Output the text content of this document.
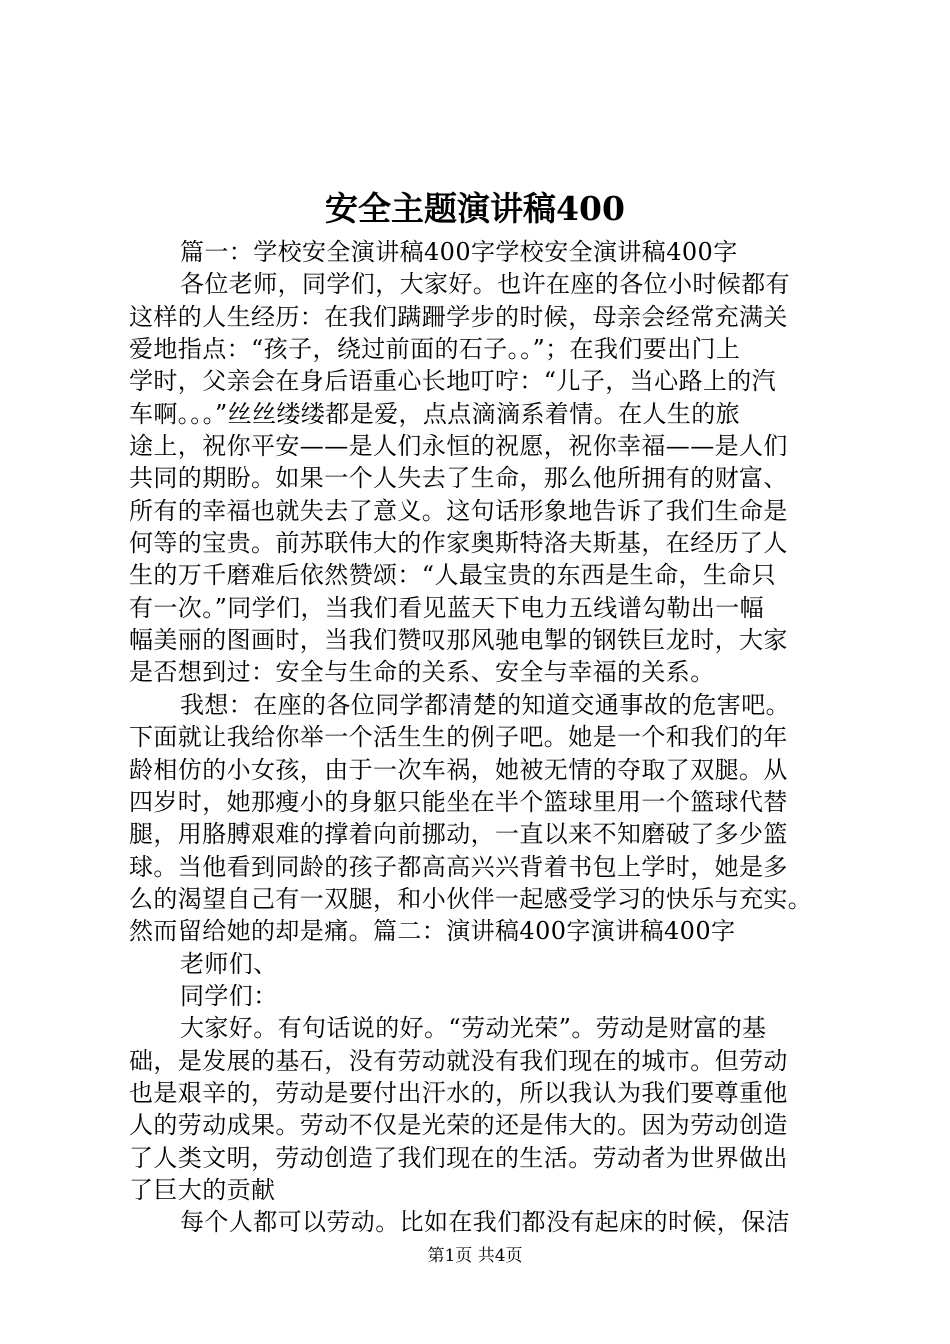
安全主题演讲稿400
篇一：学校安全演讲稿400字学校安全演讲稿400字
各位老师，同学们，大家好。也许在座的各位小时候都有
这样的人生经历：在我们蹒跚学步的时候，母亲会经常充满关
爱地指点：“孩子，绕过前面的石子。。”；在我们要出门上
学时，父亲会在身后语重心长地叮咛：“儿子，当心路上的汽
车啊。。。”丝丝缕缕都是爱，点点滴滴系着情。在人生的旅
途上，祝你平安——是人们永恒的祝愿，祝你幸福——是人们
共同的期盼。如果一个人失去了生命，那么他所拥有的财富、
所有的幸福也就失去了意义。这句话形象地告诉了我们生命是
何等的宝贵。前苏联伟大的作家奥斯特洛夫斯基，在经历了人
生的万千磨难后依然赞颂：“人最宝贵的东西是生命，生命只
有一次。”同学们，当我们看见蓝天下电力五线谱勾勒出一幅
幅美丽的图画时，当我们赞叹那风驰电掣的钢铁巨龙时，大家
是否想到过：安全与生命的关系、安全与幸福的关系。
我想：在座的各位同学都清楚的知道交通事故的危害吧。
下面就让我给你举一个活生生的例子吧。她是一个和我们的年
龄相仿的小女孩，由于一次车祸，她被无情的夺取了双腿。从
四岁时，她那瘦小的身躯只能坐在半个篮球里用一个篮球代替
腿，用胳膊艰难的撑着向前挪动，一直以来不知磨破了多少篮
球。当他看到同龄的孩子都高高兴兴背着书包上学时，她是多
么的渴望自己有一双腿，和小伙伴一起感受学习的快乐与充实。
然而留给她的却是痛。篇二：演讲稿400字演讲稿400字
老师们、
同学们：
大家好。有句话说的好。“劳动光荣”。劳动是财富的基
础，是发展的基石，没有劳动就没有我们现在的城市。但劳动
也是艰辛的，劳动是要付出汗水的，所以我认为我们要尊重他
人的劳动成果。劳动不仅是光荣的还是伟大的。因为劳动创造
了人类文明，劳动创造了我们现在的生活。劳动者为世界做出
了巨大的贡献
每个人都可以劳动。比如在我们都没有起床的时候，保洁
第1页 共4页
